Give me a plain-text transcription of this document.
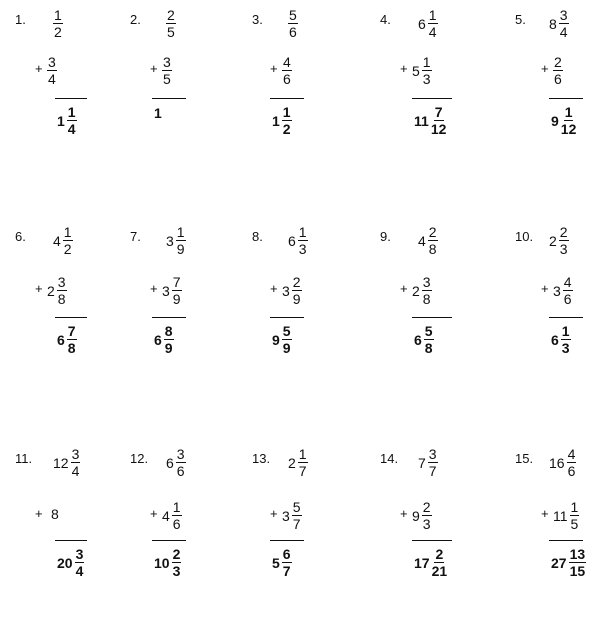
1. $\frac{1}{2}$
+ $\frac{3}{4}$
$1 \frac{1}{4}$
2. $\frac{2}{5}$
+ $\frac{3}{5}$
1
3. $\frac{5}{6}$
+ $\frac{4}{6}$
$1 \frac{1}{2}$
4. $6 \frac{1}{4}$
+ $5 \frac{1}{3}$
$11 \frac{7}{12}$
5. $8 \frac{3}{4}$
+ $\frac{2}{6}$
$9 \frac{1}{12}$
6. $4 \frac{1}{2}$
+ $2 \frac{3}{8}$
$6 \frac{7}{8}$
7. $3 \frac{1}{9}$
+ $3 \frac{7}{9}$
$6 \frac{8}{9}$
8. $6 \frac{1}{3}$
+ $3 \frac{2}{9}$
$9 \frac{5}{9}$
9. $4 \frac{2}{8}$
+ $2 \frac{3}{8}$
$6 \frac{5}{8}$
10. $2 \frac{2}{3}$
+ $3 \frac{4}{6}$
$6 \frac{1}{3}$
11. $12 \frac{3}{4}$
+ 8
$20 \frac{3}{4}$
12. $6 \frac{3}{6}$
+ $4 \frac{1}{6}$
$10 \frac{2}{3}$
13. $2 \frac{1}{7}$
+ $3 \frac{5}{7}$
$5 \frac{6}{7}$
14. $7 \frac{3}{7}$
+ $9 \frac{2}{3}$
$17 \frac{2}{21}$
15. $16 \frac{4}{6}$
+ $11 \frac{1}{5}$
$27 \frac{13}{15}$
